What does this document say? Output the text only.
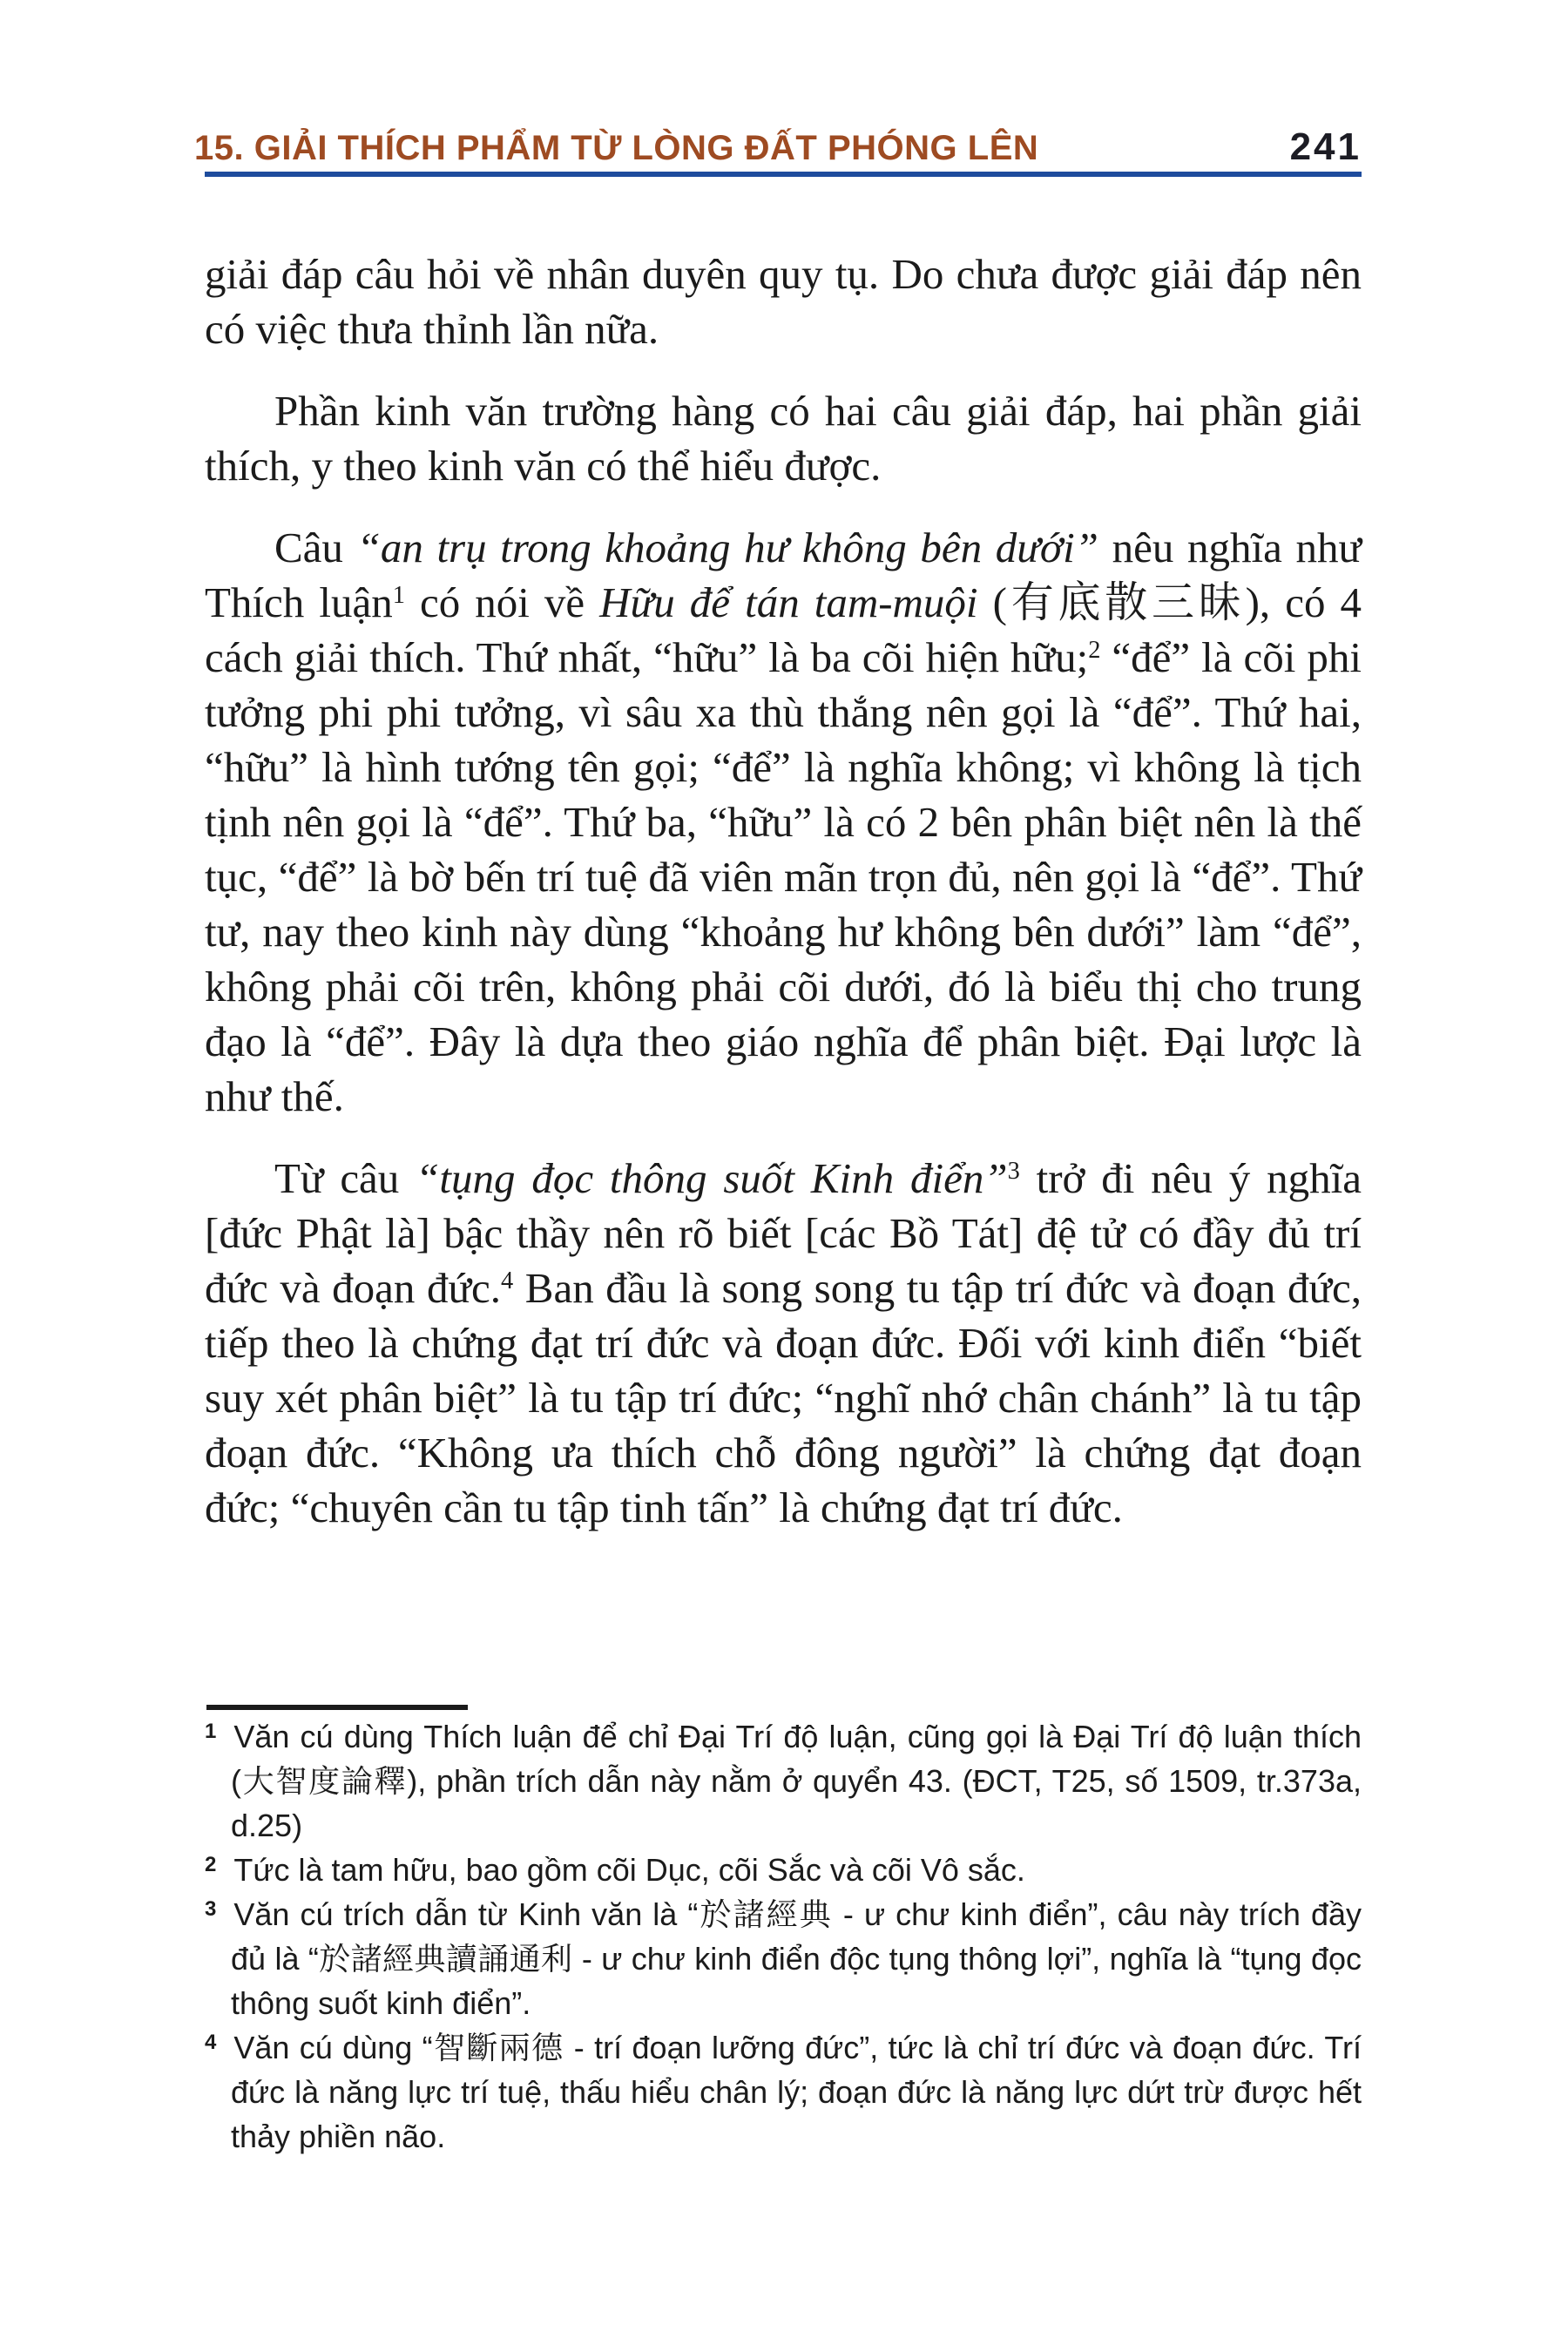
15. GIẢI THÍCH PHẨM TỪ LÒNG ĐẤT PHÓNG LÊN	241

giải đáp câu hỏi về nhân duyên quy tụ. Do chưa được giải đáp nên có việc thưa thỉnh lần nữa.

Phần kinh văn trường hàng có hai câu giải đáp, hai phần giải thích, y theo kinh văn có thể hiểu được.

Câu “an trụ trong khoảng hư không bên dưới” nêu nghĩa như Thích luận$^1$ có nói về Hữu để tán tam-muội (有底散三昧), có 4 cách giải thích. Thứ nhất, “hữu” là ba cõi hiện hữu;$^2$ “để” là cõi phi tưởng phi phi tưởng, vì sâu xa thù thắng nên gọi là “để”. Thứ hai, “hữu” là hình tướng tên gọi; “để” là nghĩa không; vì không là tịch tịnh nên gọi là “để”. Thứ ba, “hữu” là có 2 bên phân biệt nên là thế tục, “để” là bờ bến trí tuệ đã viên mãn trọn đủ, nên gọi là “để”. Thứ tư, nay theo kinh này dùng “khoảng hư không bên dưới” làm “để”, không phải cõi trên, không phải cõi dưới, đó là biểu thị cho trung đạo là “để”. Đây là dựa theo giáo nghĩa để phân biệt. Đại lược là như thế.

Từ câu “tụng đọc thông suốt Kinh điển”$^3$ trở đi nêu ý nghĩa [đức Phật là] bậc thầy nên rõ biết [các Bồ Tát] đệ tử có đầy đủ trí đức và đoạn đức.$^4$ Ban đầu là song song tu tập trí đức và đoạn đức, tiếp theo là chứng đạt trí đức và đoạn đức. Đối với kinh điển “biết suy xét phân biệt” là tu tập trí đức; “nghĩ nhớ chân chánh” là tu tập đoạn đức. “Không ưa thích chỗ đông người” là chứng đạt đoạn đức; “chuyên cần tu tập tinh tấn” là chứng đạt trí đức.

$^1$ Văn cú dùng Thích luận để chỉ Đại Trí độ luận, cũng gọi là Đại Trí độ luận thích (大智度論釋), phần trích dẫn này nằm ở quyển 43. (ĐCT, T25, số 1509, tr.373a, d.25)
$^2$ Tức là tam hữu, bao gồm cõi Dục, cõi Sắc và cõi Vô sắc.
$^3$ Văn cú trích dẫn từ Kinh văn là “於諸經典 - ư chư kinh điển”, câu này trích đầy đủ là “於諸經典讀誦通利 - ư chư kinh điển độc tụng thông lợi”, nghĩa là “tụng đọc thông suốt kinh điển”.
$^4$ Văn cú dùng “智斷兩德 - trí đoạn lưỡng đức”, tức là chỉ trí đức và đoạn đức. Trí đức là năng lực trí tuệ, thấu hiểu chân lý; đoạn đức là năng lực dứt trừ được hết thảy phiền não.
